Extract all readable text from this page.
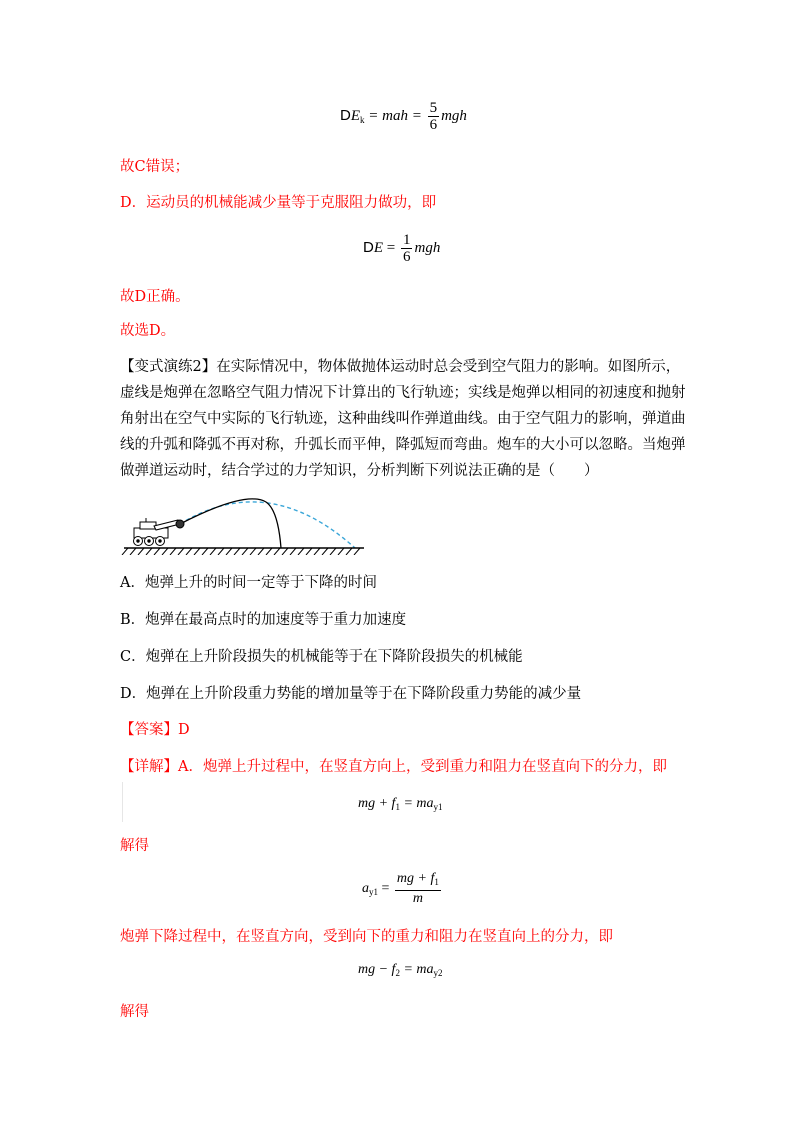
$DE_k$ = mah = $\frac{5}{6}$ mgh
故C错误；
D．运动员的机械能减少量等于克服阻力做功，即
DE = $\frac{1}{6}$ mgh
故D正确。
故选D。
【变式演练2】在实际情况中，物体做抛体运动时总会受到空气阻力的影响。如图所示，
虚线是炮弹在忽略空气阻力情况下计算出的飞行轨迹；实线是炮弹以相同的初速度和抛射
角射出在空气中实际的飞行轨迹，这种曲线叫作弹道曲线。由于空气阻力的影响，弹道曲
线的升弧和降弧不再对称，升弧长而平伸，降弧短而弯曲。炮车的大小可以忽略。当炮弹
做弹道运动时，结合学过的力学知识，分析判断下列说法正确的是（　　）
A．炮弹上升的时间一定等于下降的时间
B．炮弹在最高点时的加速度等于重力加速度
C．炮弹在上升阶段损失的机械能等于在下降阶段损失的机械能
D．炮弹在上升阶段重力势能的增加量等于在下降阶段重力势能的减少量
【答案】D
【详解】A．炮弹上升过程中，在竖直方向上，受到重力和阻力在竖直向下的分力，即
mg + $f_1 = ma_{y1}$
解得
$a_{y1} = \frac{mg + f_1}{m}$
炮弹下降过程中，在竖直方向，受到向下的重力和阻力在竖直向上的分力，即
mg − $f_2 = ma_{y2}$
解得
